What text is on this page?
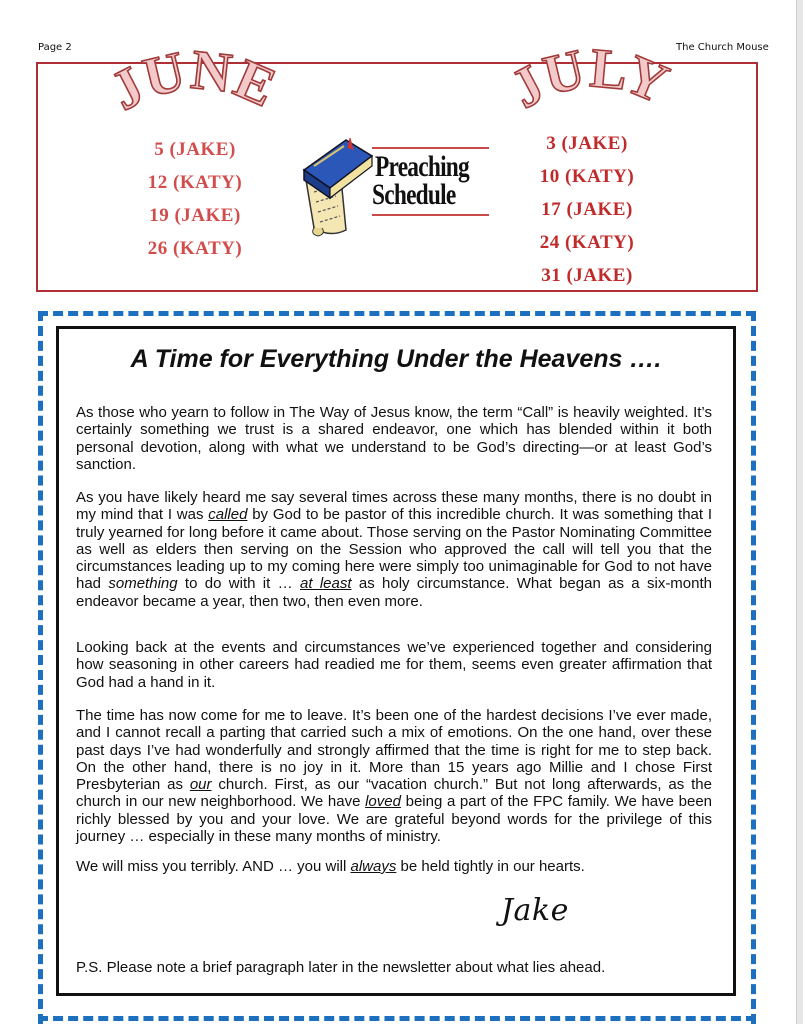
Page 2	The Church Mouse
JUNE	JULY
5 (JAKE)
12 (KATY)
19 (JAKE)
26 (KATY)
3 (JAKE)
10 (KATY)
17 (JAKE)
24 (KATY)
31 (JAKE)
Preaching
Schedule
A Time for Everything Under the Heavens ….

As those who yearn to follow in The Way of Jesus know, the term “Call” is heavily weighted. It’s certainly something we trust is a shared endeavor, one which has blended within it both personal devotion, along with what we understand to be God’s directing—or at least God’s sanction.

As you have likely heard me say several times across these many months, there is no doubt in my mind that I was called by God to be pastor of this incredible church. It was something that I truly yearned for long before it came about. Those serving on the Pastor Nominating Committee as well as elders then serving on the Session who approved the call will tell you that the circumstances leading up to my coming here were simply too unimaginable for God to not have had something to do with it … at least as holy circumstance. What began as a six-month endeavor became a year, then two, then even more.

Looking back at the events and circumstances we’ve experienced together and considering how seasoning in other careers had readied me for them, seems even greater affirmation that God had a hand in it.

The time has now come for me to leave. It’s been one of the hardest decisions I’ve ever made, and I cannot recall a parting that carried such a mix of emotions. On the one hand, over these past days I’ve had wonderfully and strongly affirmed that the time is right for me to step back. On the other hand, there is no joy in it. More than 15 years ago Millie and I chose First Presbyterian as our church. First, as our “vacation church.” But not long afterwards, as the church in our new neighborhood. We have loved being a part of the FPC family. We have been richly blessed by you and your love. We are grateful beyond words for the privilege of this journey … especially in these many months of ministry.

We will miss you terribly. AND … you will always be held tightly in our hearts.

Jake

P.S. Please note a brief paragraph later in the newsletter about what lies ahead.
